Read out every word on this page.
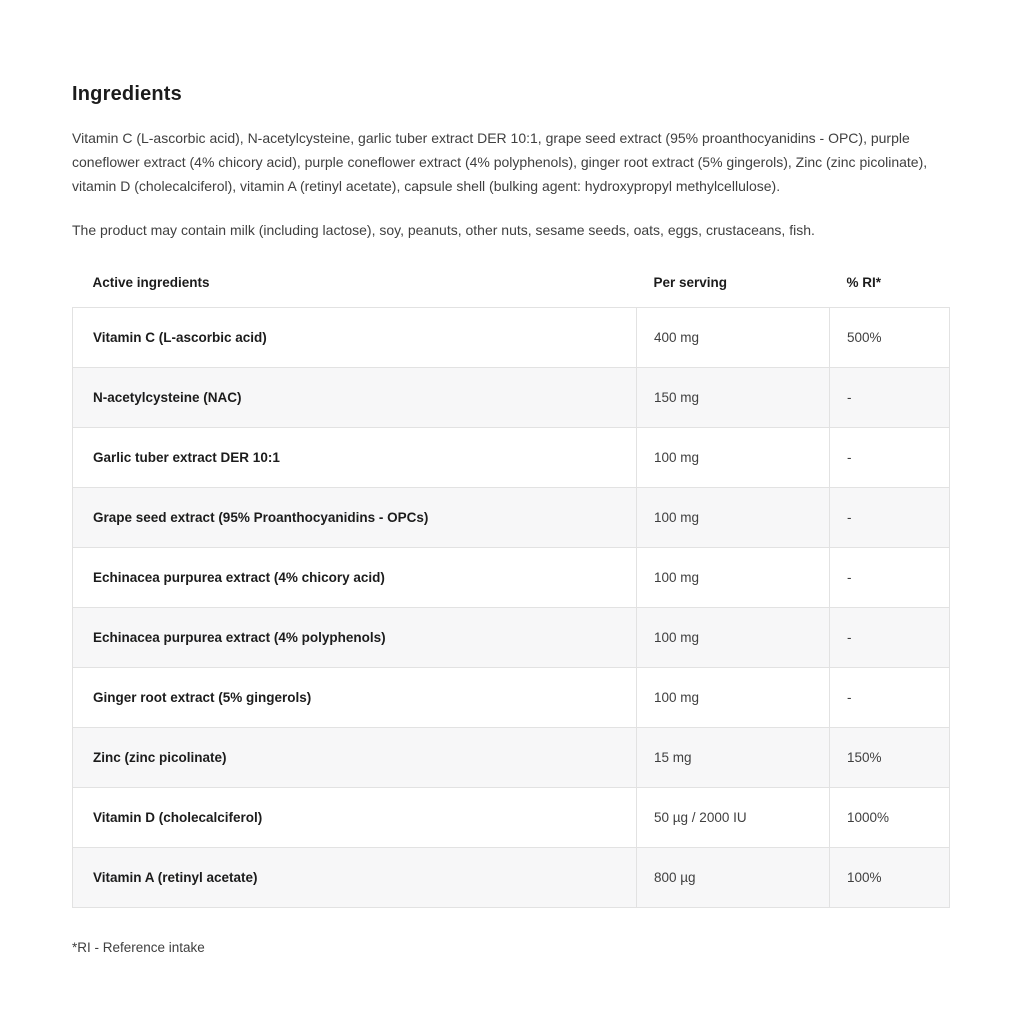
Ingredients

Vitamin C (L-ascorbic acid), N-acetylcysteine, garlic tuber extract DER 10:1, grape seed extract (95% proanthocyanidins - OPC), purple coneflower extract (4% chicory acid), purple coneflower extract (4% polyphenols), ginger root extract (5% gingerols), Zinc (zinc picolinate), vitamin D (cholecalciferol), vitamin A (retinyl acetate), capsule shell (bulking agent: hydroxypropyl methylcellulose).

The product may contain milk (including lactose), soy, peanuts, other nuts, sesame seeds, oats, eggs, crustaceans, fish.

Active ingredients	Per serving	% RI*
Vitamin C (L-ascorbic acid)	400 mg	500%
N-acetylcysteine (NAC)	150 mg	-
Garlic tuber extract DER 10:1	100 mg	-
Grape seed extract (95% Proanthocyanidins - OPCs)	100 mg	-
Echinacea purpurea extract (4% chicory acid)	100 mg	-
Echinacea purpurea extract (4% polyphenols)	100 mg	-
Ginger root extract (5% gingerols)	100 mg	-
Zinc (zinc picolinate)	15 mg	150%
Vitamin D (cholecalciferol)	50 µg / 2000 IU	1000%
Vitamin A (retinyl acetate)	800 µg	100%

*RI - Reference intake
